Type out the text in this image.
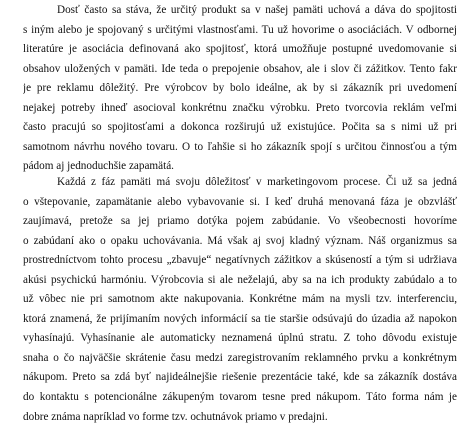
Dosť často sa stáva, že určitý produkt sa v našej pamäti uchová a dáva do spojitosti
s iným alebo je spojovaný s určitými vlastnosťami. Tu už hovorime o asociáciách. V odbornej
literatúre je asociácia definovaná ako spojitosť, ktorá umožňuje postupné uvedomovanie si
obsahov uložených v pamäti. Ide teda o prepojenie obsahov, ale i slov či zážitkov. Tento fakr
je pre reklamu dôležitý. Pre výrobcov by bolo ideálne, ak by si zákazník pri uvedomení
nejakej potreby ihneď asocioval konkrétnu značku výrobku. Preto tvorcovia reklám veľmi
často pracujú so spojitosťami a dokonca rozširujú už existujúce. Počita sa s nimi už pri
samotnom návrhu nového tovaru. O to ľahšie si ho zákazník spojí s určitou činnosťou a tým
pádom aj jednoduchšie zapamätá.
Každá z fáz pamäti má svoju dôležitosť v marketingovom procese. Či už sa jedná
o vštepovanie, zapamätanie alebo vybavovanie si. I keď druhá menovaná fáza je obzvlášť
zaujímavá, pretože sa jej priamo dotýka pojem zabúdanie. Vo všeobecnosti hovoríme
o zabúdaní ako o opaku uchovávania. Má však aj svoj kladný význam. Náš organizmus sa
prostredníctvom tohto procesu „zbavuje“ negatívnych zážitkov a skúseností a tým si udržiava
akúsi psychickú harmóniu. Výrobcovia si ale neželajú, aby sa na ich produkty zabúdalo a to
už vôbec nie pri samotnom akte nakupovania. Konkrétne mám na mysli tzv. interferenciu,
ktorá znamená, že prijímaním nových informácií sa tie staršie odsúvajú do úzadia až napokon
vyhasínajú. Vyhasínanie ale automaticky neznamená úplnú stratu. Z toho dôvodu existuje
snaha o čo najväčšie skrátenie času medzi zaregistrovaním reklamného prvku a konkrétnym
nákupom. Preto sa zdá byť najideálnejšie riešenie prezentácie také, kde sa zákazník dostáva
do kontaktu s potencionálne zákupeným tovarom tesne pred nákupom. Táto forma nám je
dobre známa napríklad vo forme tzv. ochutnávok priamo v predajni.
